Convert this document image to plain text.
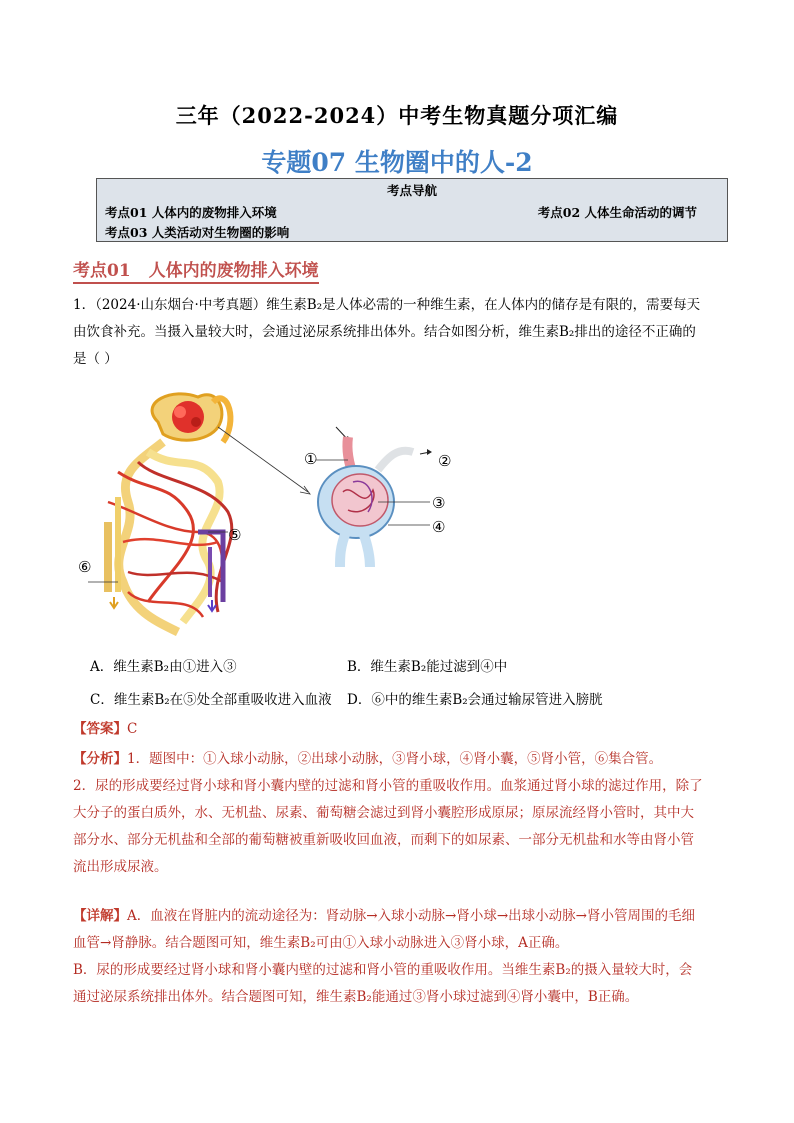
三年（2022-2024）中考生物真题分项汇编
专题07 生物圈中的人-2
考点导航
考点01 人体内的废物排入环境	考点02 人体生命活动的调节
考点03 人类活动对生物圈的影响
考点01 人体内的废物排入环境
1．（2024·山东烟台·中考真题）维生素B₂是人体必需的一种维生素，在人体内的储存是有限的，需要每天
由饮食补充。当摄入量较大时，会通过泌尿系统排出体外。结合如图分析，维生素B₂排出的途径不正确的
是（ ）
①	②
③
④
⑤
⑥
A．维生素B₂由①进入③	B．维生素B₂能过滤到④中
C．维生素B₂在⑤处全部重吸收进入血液 D．⑥中的维生素B₂会通过输尿管进入膀胱
【答案】C
【分析】1．题图中：①入球小动脉，②出球小动脉，③肾小球，④肾小囊，⑤肾小管，⑥集合管。
2．尿的形成要经过肾小球和肾小囊内壁的过滤和肾小管的重吸收作用。血浆通过肾小球的滤过作用，除了
大分子的蛋白质外，水、无机盐、尿素、葡萄糖会滤过到肾小囊腔形成原尿；原尿流经肾小管时，其中大
部分水、部分无机盐和全部的葡萄糖被重新吸收回血液，而剩下的如尿素、一部分无机盐和水等由肾小管
流出形成尿液。
【详解】A．血液在肾脏内的流动途径为：肾动脉→入球小动脉→肾小球→出球小动脉→肾小管周围的毛细
血管→肾静脉。结合题图可知，维生素B₂可由①入球小动脉进入③肾小球，A正确。
B．尿的形成要经过肾小球和肾小囊内壁的过滤和肾小管的重吸收作用。当维生素B₂的摄入量较大时，会
通过泌尿系统排出体外。结合题图可知，维生素B₂能通过③肾小球过滤到④肾小囊中，B正确。
